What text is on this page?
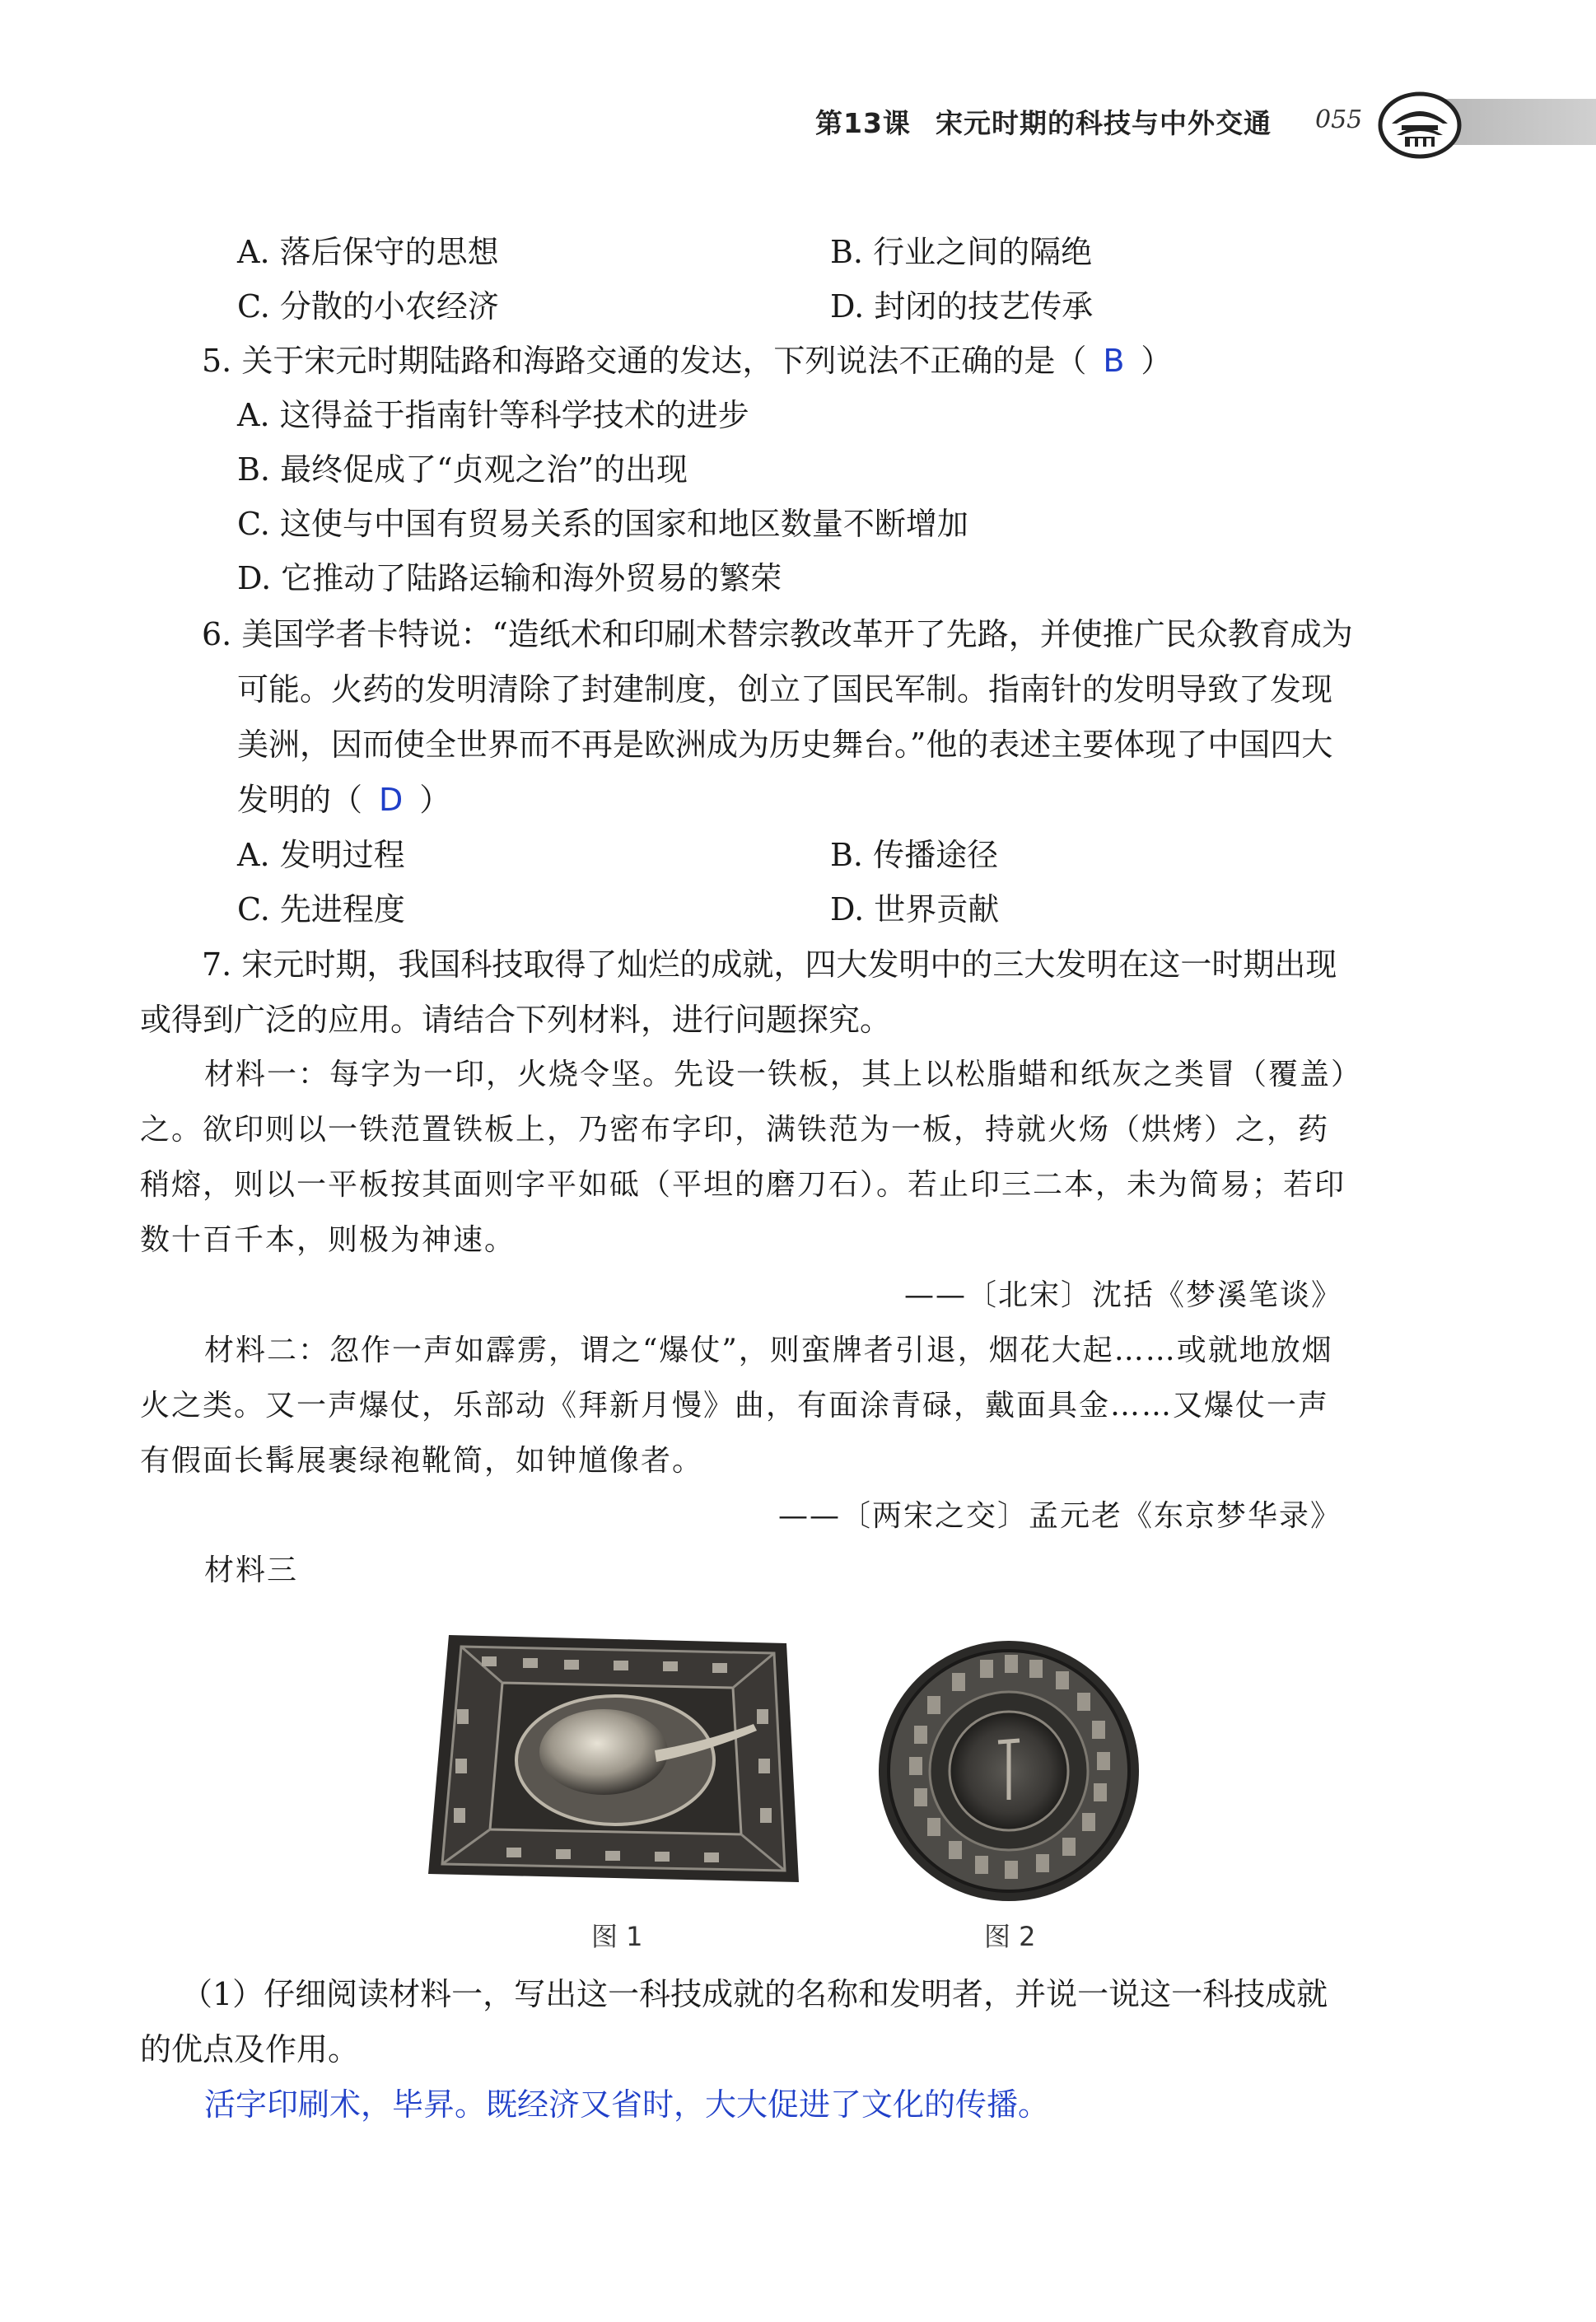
第13课 宋元时期的科技与中外交通 055
A. 落后保守的思想	B. 行业之间的隔绝
C. 分散的小农经济	D. 封闭的技艺传承
5. 关于宋元时期陆路和海路交通的发达，下列说法不正确的是（ B ）
A. 这得益于指南针等科学技术的进步
B. 最终促成了“贞观之治”的出现
C. 这使与中国有贸易关系的国家和地区数量不断增加
D. 它推动了陆路运输和海外贸易的繁荣
6. 美国学者卡特说：“造纸术和印刷术替宗教改革开了先路，并使推广民众教育成为
可能。火药的发明清除了封建制度，创立了国民军制。指南针的发明导致了发现
美洲，因而使全世界而不再是欧洲成为历史舞台。”他的表述主要体现了中国四大
发明的（ D ）
A. 发明过程	B. 传播途径
C. 先进程度	D. 世界贡献
7. 宋元时期，我国科技取得了灿烂的成就，四大发明中的三大发明在这一时期出现
或得到广泛的应用。请结合下列材料，进行问题探究。
材料一：每字为一印，火烧令坚。先设一铁板，其上以松脂蜡和纸灰之类冒（覆盖）
之。欲印则以一铁范置铁板上，乃密布字印，满铁范为一板，持就火炀（烘烤）之，药
稍熔，则以一平板按其面则字平如砥（平坦的磨刀石）。若止印三二本，未为简易；若印
数十百千本，则极为神速。
——〔北宋〕沈括《梦溪笔谈》
材料二：忽作一声如霹雳，谓之“爆仗”，则蛮牌者引退，烟花大起……或就地放烟
火之类。又一声爆仗，乐部动《拜新月慢》曲，有面涂青碌，戴面具金……又爆仗一声
有假面长髯展裹绿袍靴简，如钟馗像者。
——〔两宋之交〕孟元老《东京梦华录》
材料三
图 1	图 2
（1）仔细阅读材料一，写出这一科技成就的名称和发明者，并说一说这一科技成就
的优点及作用。
活字印刷术，毕昇。既经济又省时，大大促进了文化的传播。
